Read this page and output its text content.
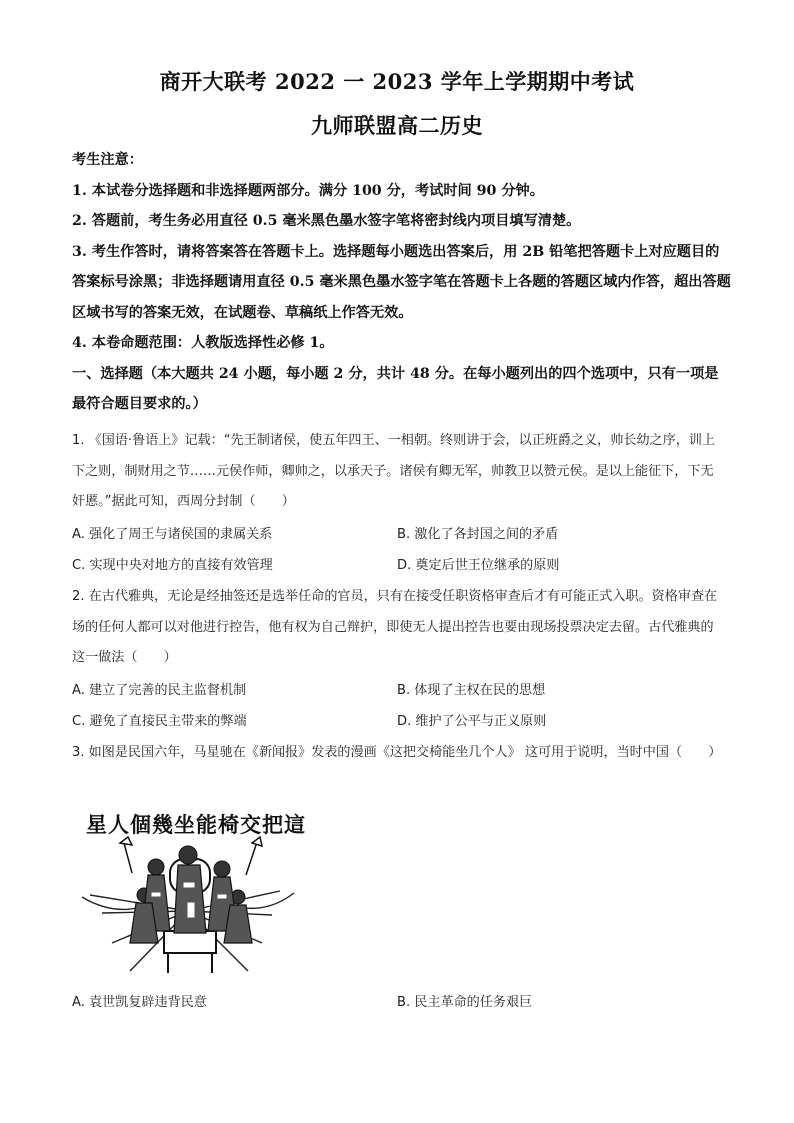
商开大联考 2022 一 2023 学年上学期期中考试
九师联盟高二历史

考生注意：

1. 本试卷分选择题和非选择题两部分。满分 100 分，考试时间 90 分钟。

2. 答题前，考生务必用直径 0.5 毫米黑色墨水签字笔将密封线内项目填写清楚。

3. 考生作答时，请将答案答在答题卡上。选择题每小题选出答案后，用 2B 铅笔把答题卡上对应题目的答案标号涂黑；非选择题请用直径 0.5 毫米黑色墨水签字笔在答题卡上各题的答题区域内作答，超出答题区域书写的答案无效，在试题卷、草稿纸上作答无效。

4. 本卷命题范围：人教版选择性必修 1。

一、选择题（本大题共 24 小题，每小题 2 分，共计 48 分。在每小题列出的四个选项中，只有一项是最符合题目要求的。）

1. 《国语·鲁语上》记载：“先王制诸侯，使五年四王、一相朝。终则讲于会，以正班爵之义，帅长幼之序，训上下之则，制财用之节……元侯作师，卿帅之，以承天子。诸侯有卿无军，帅教卫以赞元侯。是以上能征下，下无奸慝。”据此可知，西周分封制（　　）

A. 强化了周王与诸侯国的隶属关系	B. 激化了各封国之间的矛盾
C. 实现中央对地方的直接有效管理	D. 奠定后世王位继承的原则

2. 在古代雅典，无论是经抽签还是选举任命的官员，只有在接受任职资格审查后才有可能正式入职。资格审查在场的任何人都可以对他进行控告，他有权为自己辩护，即使无人提出控告也要由现场投票决定去留。古代雅典的这一做法（　　）

A. 建立了完善的民主监督机制	B. 体现了主权在民的思想
C. 避免了直接民主带来的弊端	D. 维护了公平与正义原则

3. 如图是民国六年，马星驰在《新闻报》发表的漫画《这把交椅能坐几个人》 这可用于说明，当时中国（　　）

星人個幾坐能椅交把這
A. 袁世凯复辟违背民意	B. 民主革命的任务艰巨
